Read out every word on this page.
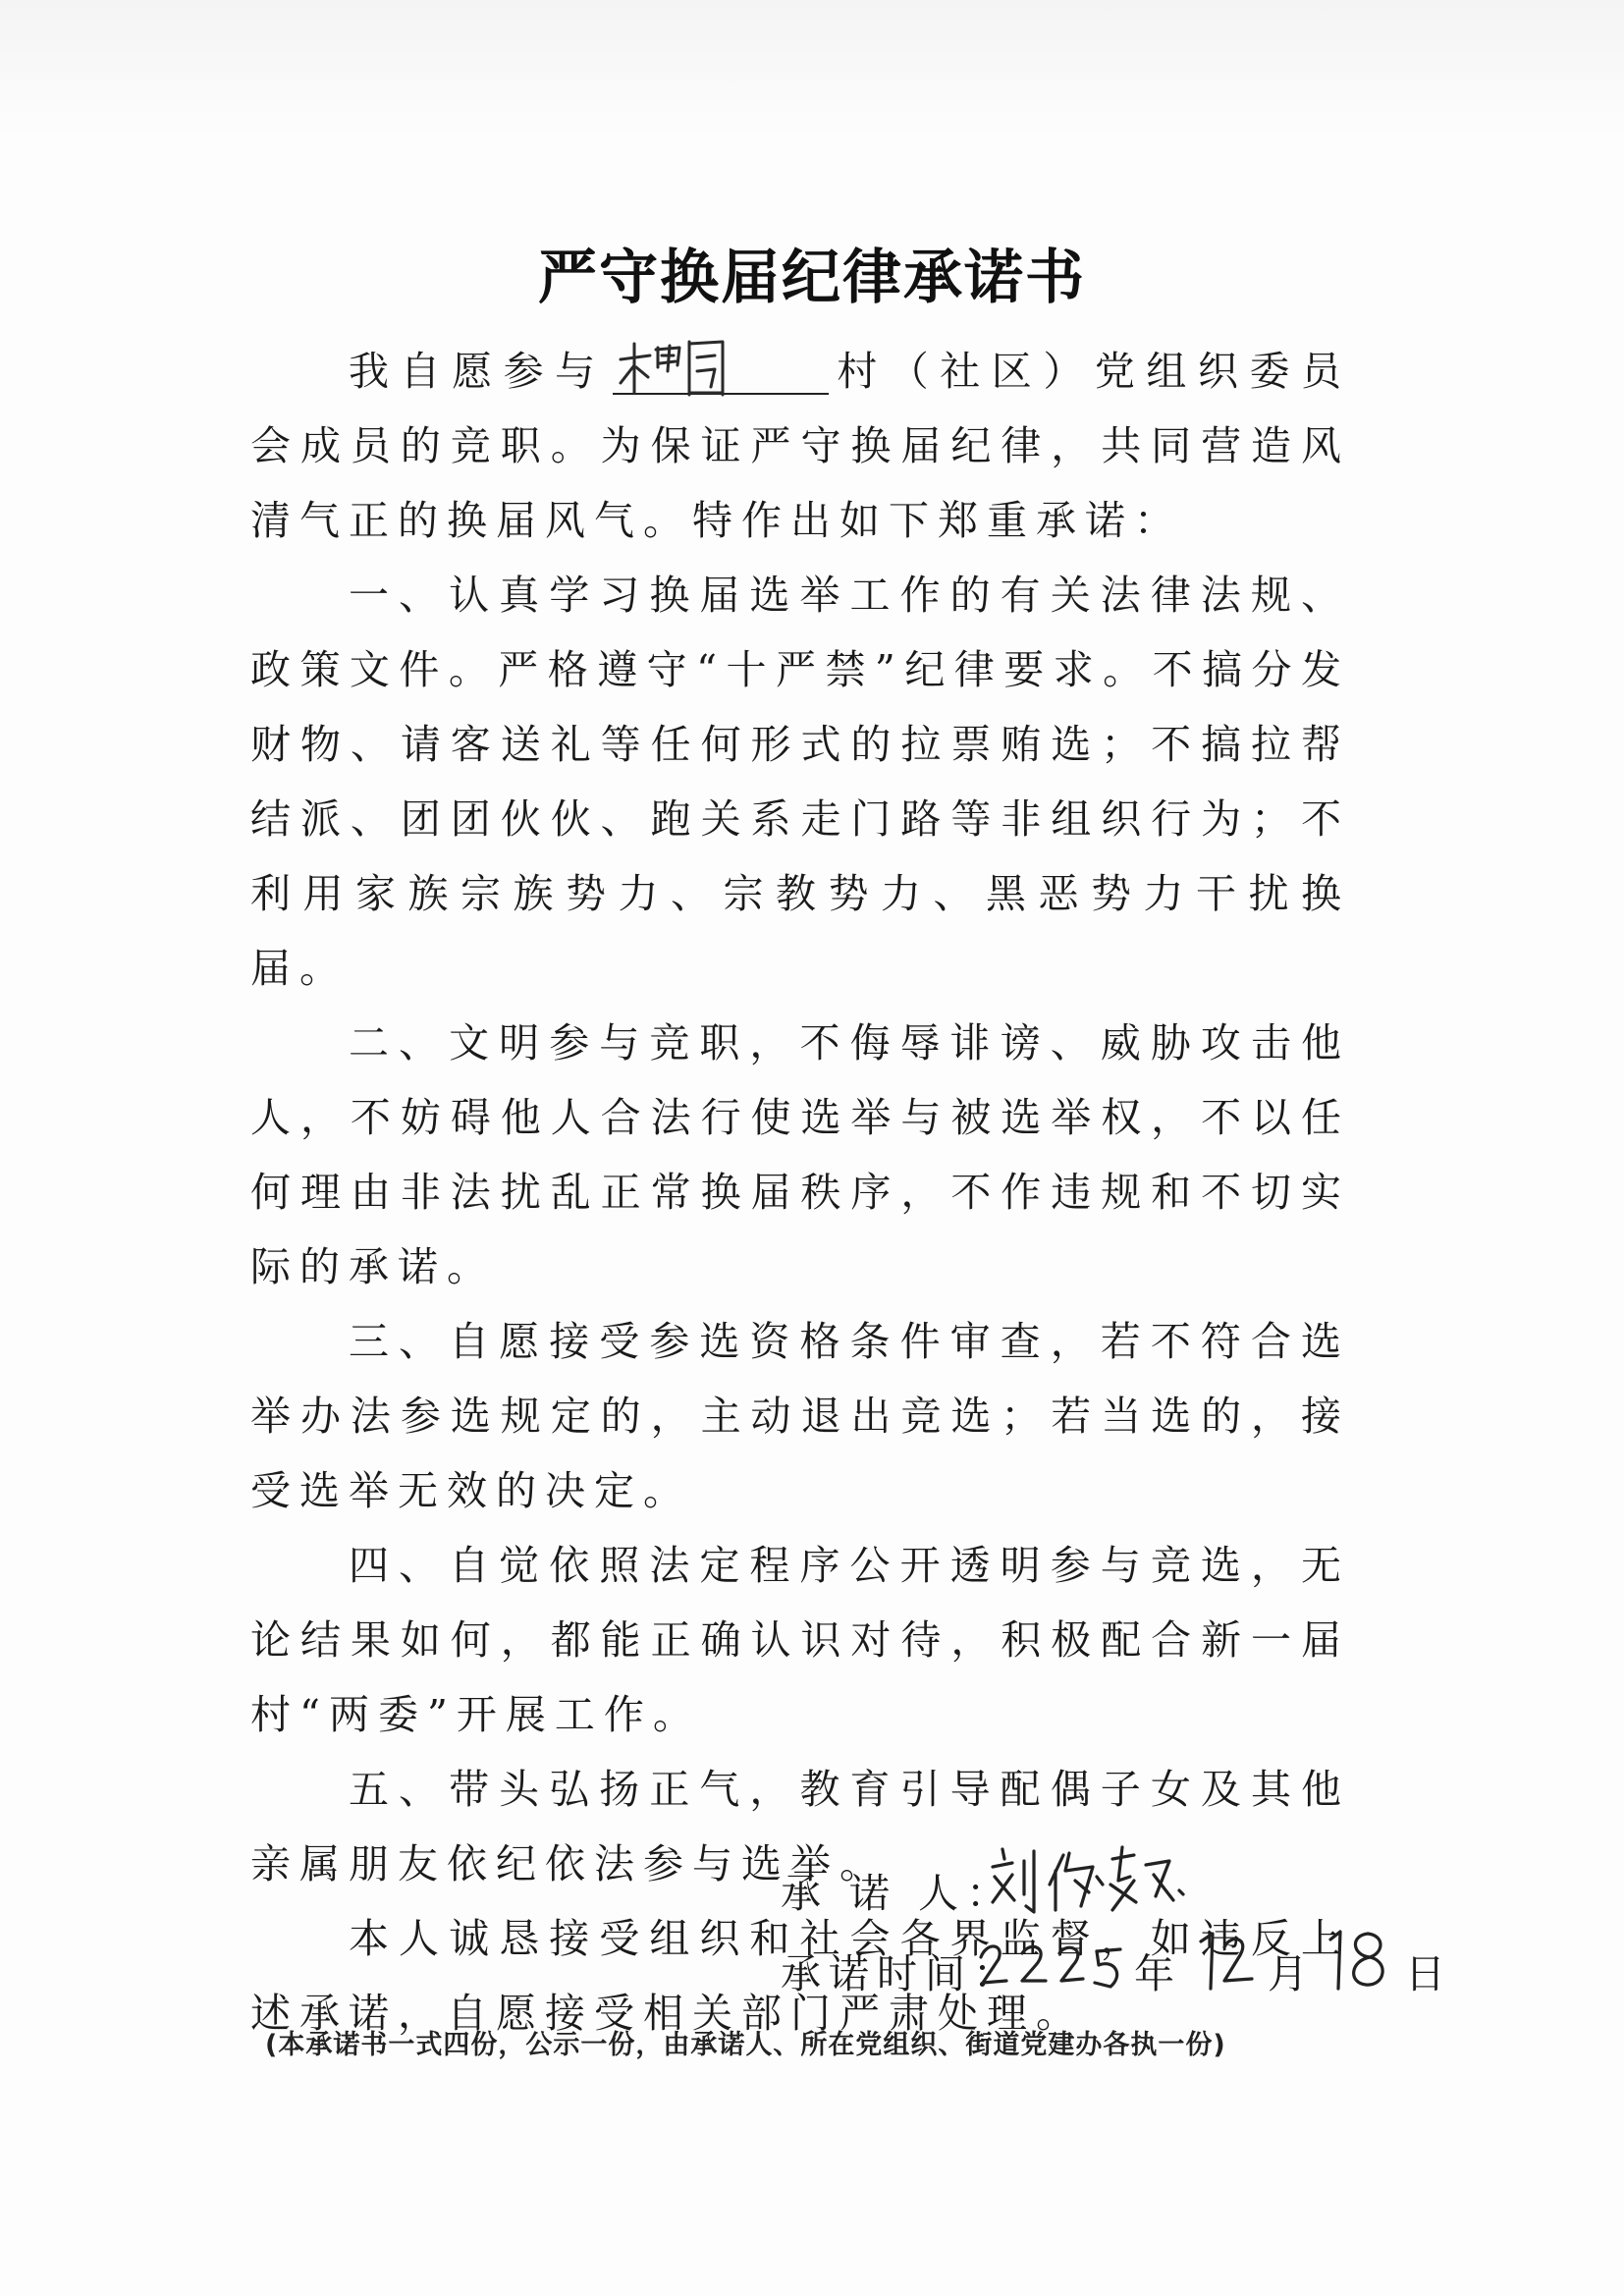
严守换届纪律承诺书

我自愿参与	村（社区）党组织委员会成员的竞职。为保证严守换届纪律，共同营造风清气正的换届风气。特作出如下郑重承诺：

一、认真学习换届选举工作的有关法律法规、政策文件。严格遵守“十严禁”纪律要求。不搞分发财物、请客送礼等任何形式的拉票贿选；不搞拉帮结派、团团伙伙、跑关系走门路等非组织行为；不利用家族宗族势力、宗教势力、黑恶势力干扰换届。

二、文明参与竞职，不侮辱诽谤、威胁攻击他人，不妨碍他人合法行使选举与被选举权，不以任何理由非法扰乱正常换届秩序，不作违规和不切实际的承诺。

三、自愿接受参选资格条件审查，若不符合选举办法参选规定的，主动退出竞选；若当选的，接受选举无效的决定。

四、自觉依照法定程序公开透明参与竞选，无论结果如何，都能正确认识对待，积极配合新一届村“两委”开展工作。

五、带头弘扬正气，教育引导配偶子女及其他亲属朋友依纪依法参与选举。

本人诚恳接受组织和社会各界监督，如违反上述承诺，自愿接受相关部门严肃处理。

承 诺 人：
承诺时间：	年 月 日
(本承诺书一式四份，公示一份，由承诺人、所在党组织、街道党建办各执一份)
